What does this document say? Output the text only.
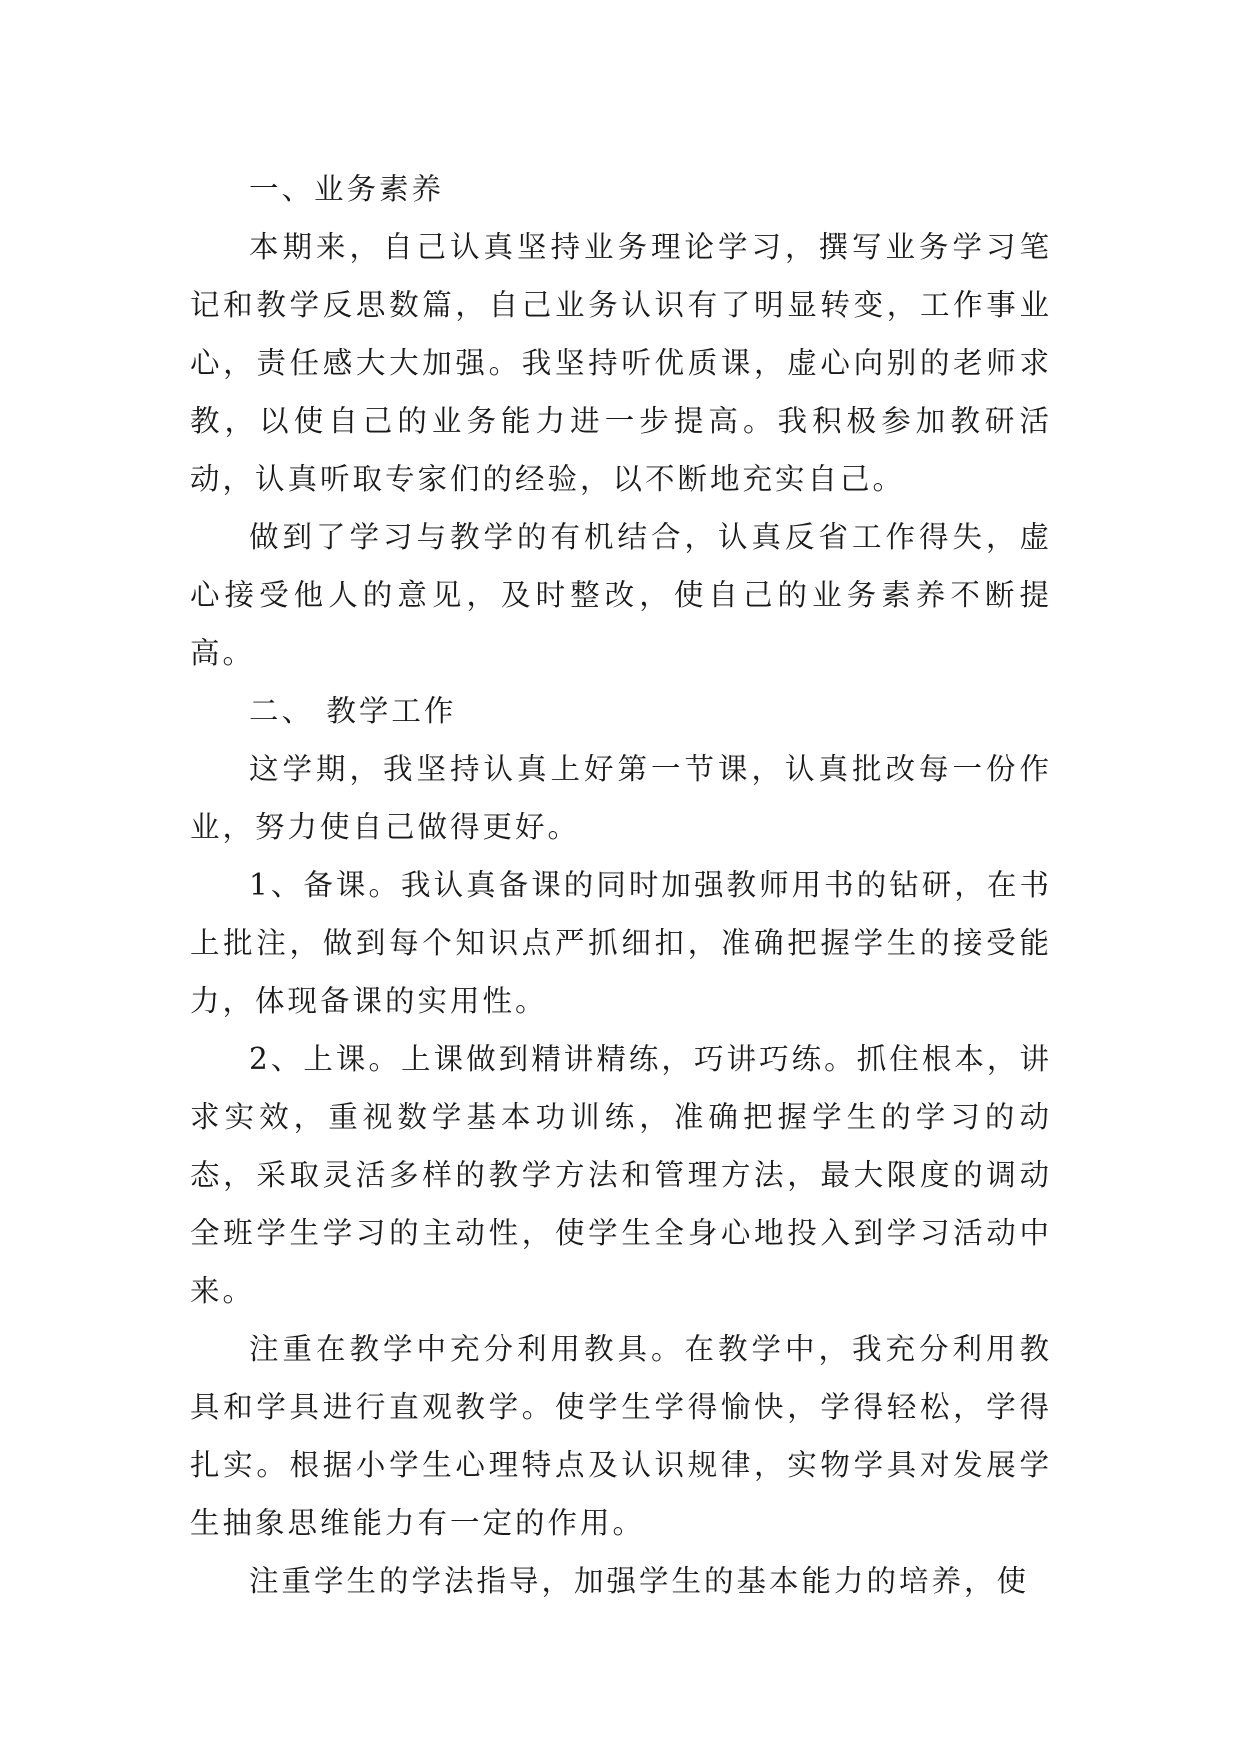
一、业务素养

本期来，自己认真坚持业务理论学习，撰写业务学习笔记和教学反思数篇，自己业务认识有了明显转变，工作事业心，责任感大大加强。我坚持听优质课，虚心向别的老师求教，以使自己的业务能力进一步提高。我积极参加教研活动，认真听取专家们的经验，以不断地充实自己。

做到了学习与教学的有机结合，认真反省工作得失，虚心接受他人的意见，及时整改，使自己的业务素养不断提高。

二、 教学工作

这学期，我坚持认真上好第一节课，认真批改每一份作业，努力使自己做得更好。

1、备课。我认真备课的同时加强教师用书的钻研，在书上批注，做到每个知识点严抓细扣，准确把握学生的接受能力，体现备课的实用性。

2、上课。上课做到精讲精练，巧讲巧练。抓住根本，讲求实效，重视数学基本功训练，准确把握学生的学习的动态，采取灵活多样的教学方法和管理方法，最大限度的调动全班学生学习的主动性，使学生全身心地投入到学习活动中来。

注重在教学中充分利用教具。在教学中，我充分利用教具和学具进行直观教学。使学生学得愉快，学得轻松，学得扎实。根据小学生心理特点及认识规律，实物学具对发展学生抽象思维能力有一定的作用。

注重学生的学法指导，加强学生的基本能力的培养，使
